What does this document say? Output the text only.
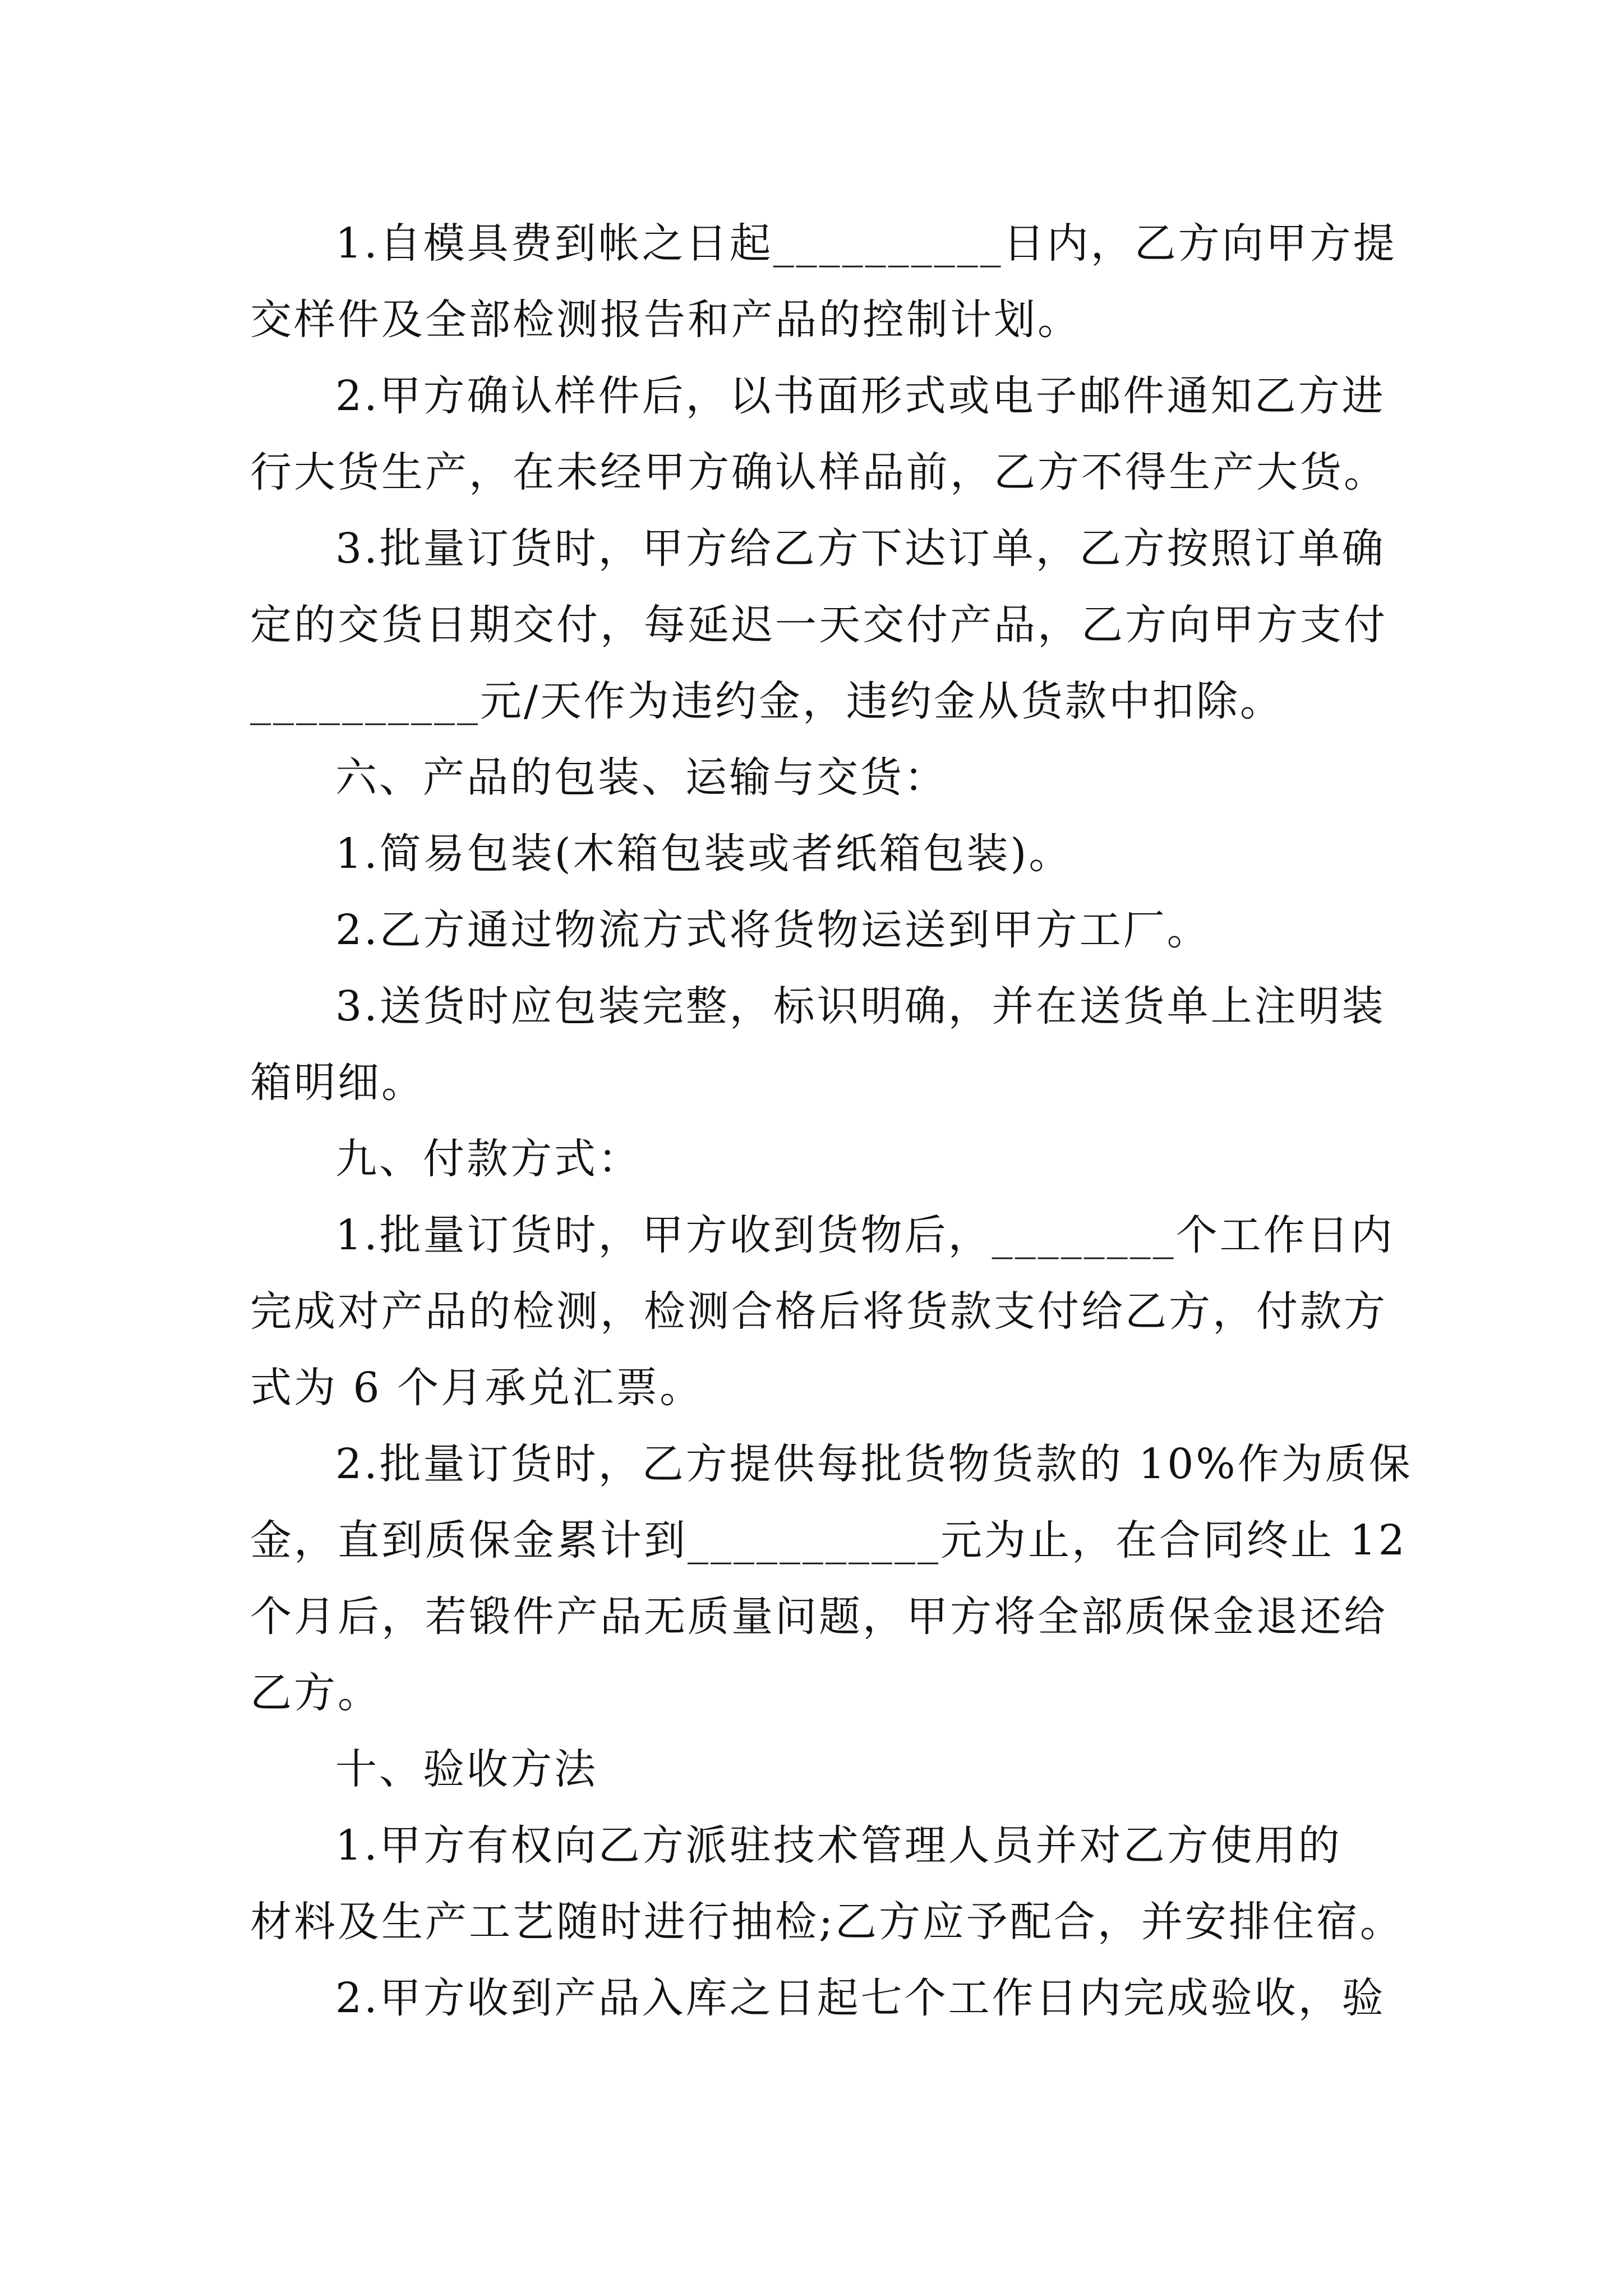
1.自模具费到帐之日起__________日内，乙方向甲方提
交样件及全部检测报告和产品的控制计划。
2.甲方确认样件后，以书面形式或电子邮件通知乙方进
行大货生产，在未经甲方确认样品前，乙方不得生产大货。
3.批量订货时，甲方给乙方下达订单，乙方按照订单确
定的交货日期交付，每延迟一天交付产品，乙方向甲方支付
__________元/天作为违约金，违约金从货款中扣除。
六、产品的包装、运输与交货：
1.简易包装(木箱包装或者纸箱包装)。
2.乙方通过物流方式将货物运送到甲方工厂。
3.送货时应包装完整，标识明确，并在送货单上注明装
箱明细。
九、付款方式：
1.批量订货时，甲方收到货物后，________个工作日内
完成对产品的检测，检测合格后将货款支付给乙方，付款方
式为 6 个月承兑汇票。
2.批量订货时，乙方提供每批货物货款的 10%作为质保
金，直到质保金累计到___________元为止，在合同终止 12
个月后，若锻件产品无质量问题，甲方将全部质保金退还给
乙方。
十、验收方法
1.甲方有权向乙方派驻技术管理人员并对乙方使用的
材料及生产工艺随时进行抽检;乙方应予配合，并安排住宿。
2.甲方收到产品入库之日起七个工作日内完成验收，验
